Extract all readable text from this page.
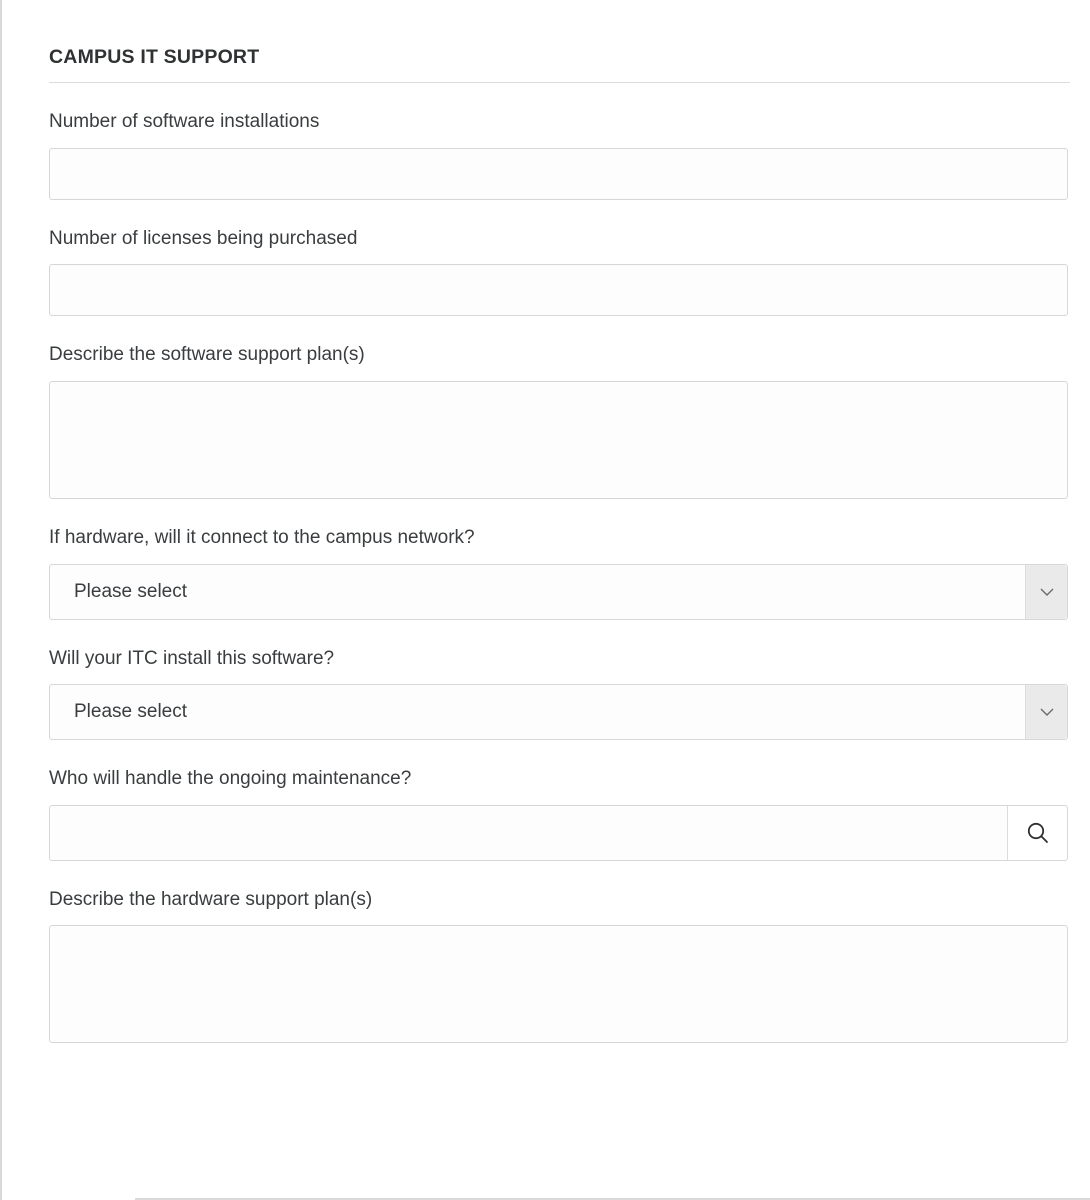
CAMPUS IT SUPPORT
Number of software installations
Number of licenses being purchased
Describe the software support plan(s)
If hardware, will it connect to the campus network?
Please select
Will your ITC install this software?
Please select
Who will handle the ongoing maintenance?
Describe the hardware support plan(s)
